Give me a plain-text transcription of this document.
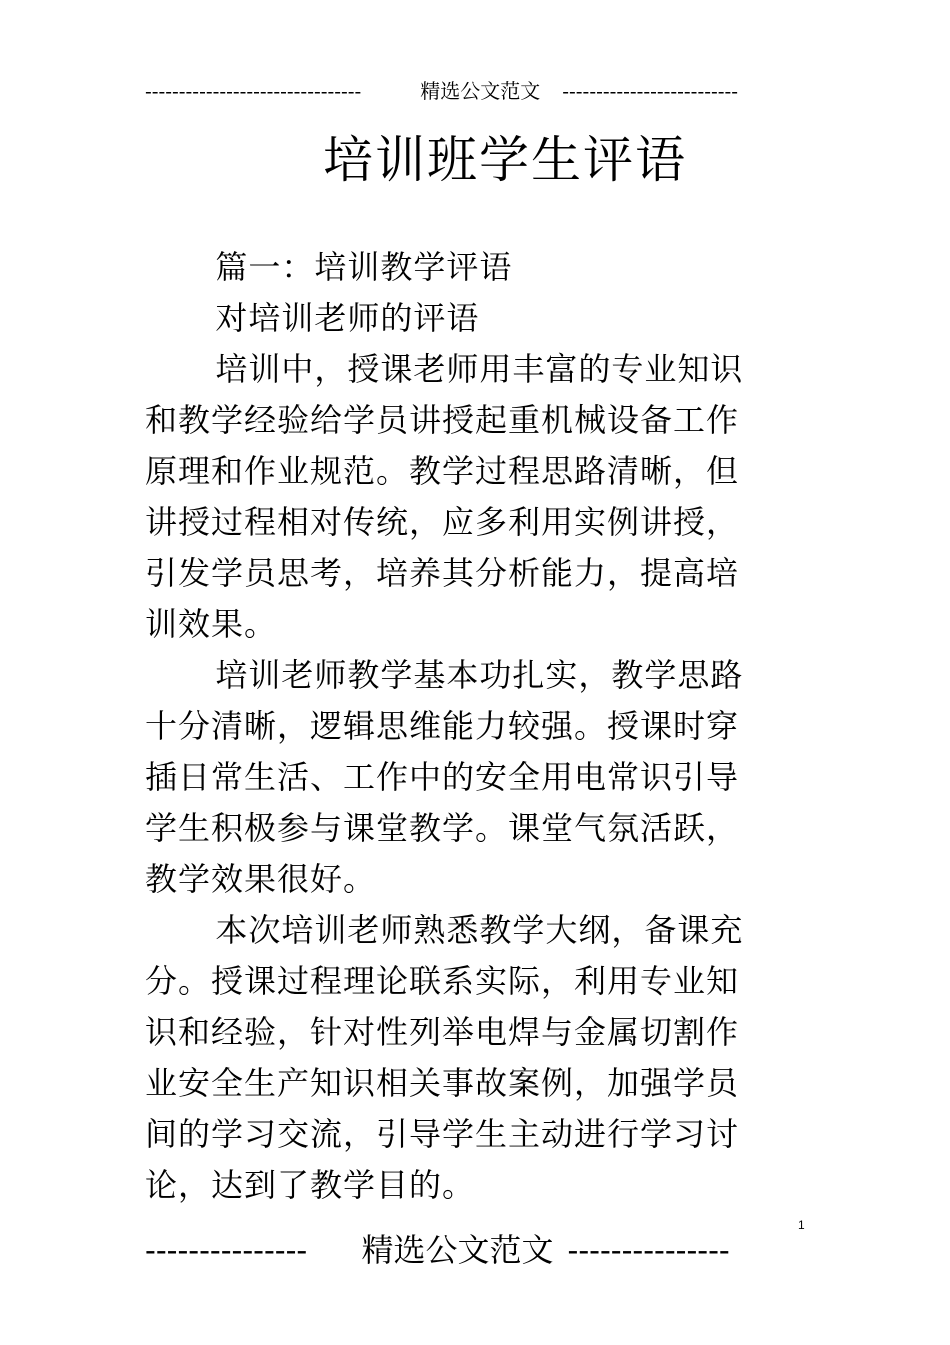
--------------------------------	精选公文范文	--------------------------
培训班学生评语

篇一：培训教学评语

对培训老师的评语

培训中，授课老师用丰富的专业知识和教学经验给学员讲授起重机械设备工作原理和作业规范。教学过程思路清晰，但讲授过程相对传统，应多利用实例讲授，引发学员思考，培养其分析能力，提高培训效果。

培训老师教学基本功扎实，教学思路十分清晰，逻辑思维能力较强。授课时穿插日常生活、工作中的安全用电常识引导学生积极参与课堂教学。课堂气氛活跃，教学效果很好。

本次培训老师熟悉教学大纲，备课充分。授课过程理论联系实际，利用专业知识和经验，针对性列举电焊与金属切割作业安全生产知识相关事故案例，加强学员间的学习交流，引导学生主动进行学习讨论，达到了教学目的。

1
---------------	精选公文范文 ---------------
